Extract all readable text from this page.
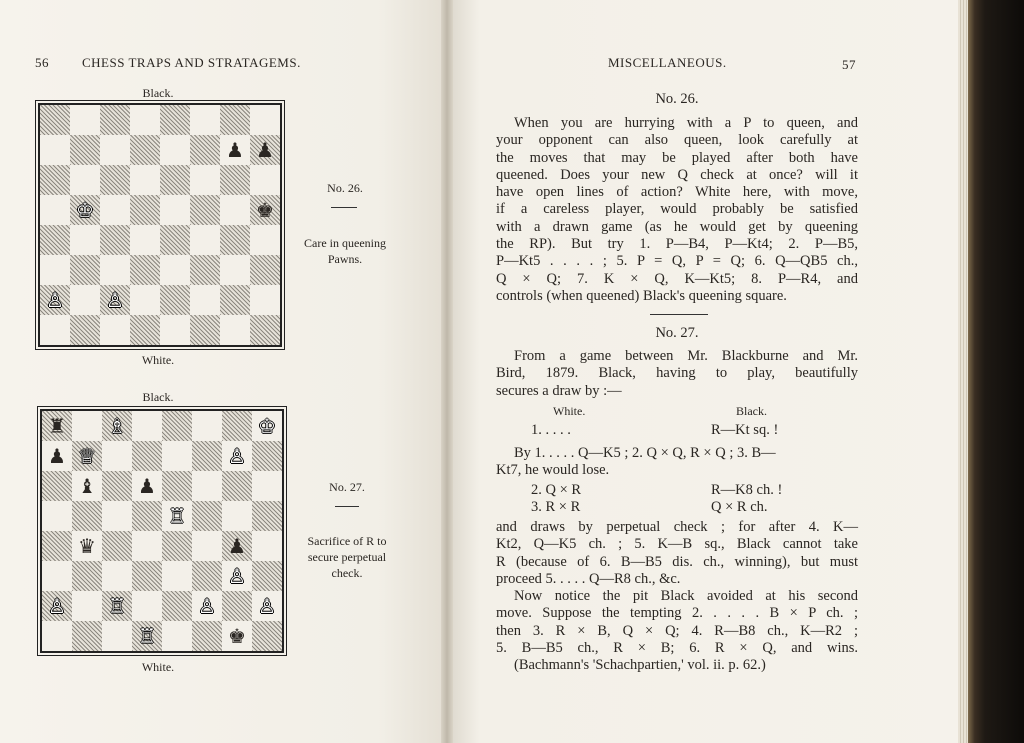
56	CHESS TRAPS AND STRATAGEMS.
Black.
♟ ♟
♔	♚
♙ ♙
White.
No. 26.
Care in queening
Pawns.
Black.
♜ ♗	♔
♟ ♕	♙
♝ ♟
♖
♛	♟
♙
♙ ♖	♙ ♙
♖	♚
White.
No. 27.
Sacrifice of R to
secure perpetual
check.
MISCELLANEOUS.	57
No. 26.
When you are hurrying with a P to queen, and
your opponent can also queen, look carefully at
the moves that may be played after both have
queened. Does your new Q check at once? will it
have open lines of action? White here, with move,
if a careless player, would probably be satisfied
with a drawn game (as he would get by queening
the RP). But try 1. P—B4, P—Kt4; 2. P—B5,
P—Kt5 . . . . ; 5. P = Q, P = Q; 6. Q—QB5 ch.,
Q × Q; 7. K × Q, K—Kt5; 8. P—R4, and
controls (when queened) Black's queening square.
No. 27.
From a game between Mr. Blackburne and Mr.
Bird, 1879. Black, having to play, beautifully
secures a draw by :—
White.	Black.
1. . . . .	R—Kt sq. !
By 1. . . . . Q—K5 ; 2. Q × Q, R × Q ; 3. B—
Kt7, he would lose.
2. Q × R	R—K8 ch. !
3. R × R	Q × R ch.
and draws by perpetual check ; for after 4. K—
Kt2, Q—K5 ch. ; 5. K—B sq., Black cannot take
R (because of 6. B—B5 dis. ch., winning), but must
proceed 5. . . . . Q—R8 ch., &c.
Now notice the pit Black avoided at his second
move. Suppose the tempting 2. . . . . B × P ch. ;
then 3. R × B, Q × Q; 4. R—B8 ch., K—R2 ;
5. B—B5 ch., R × B; 6. R × Q, and wins.
(Bachmann's 'Schachpartien,' vol. ii. p. 62.)
